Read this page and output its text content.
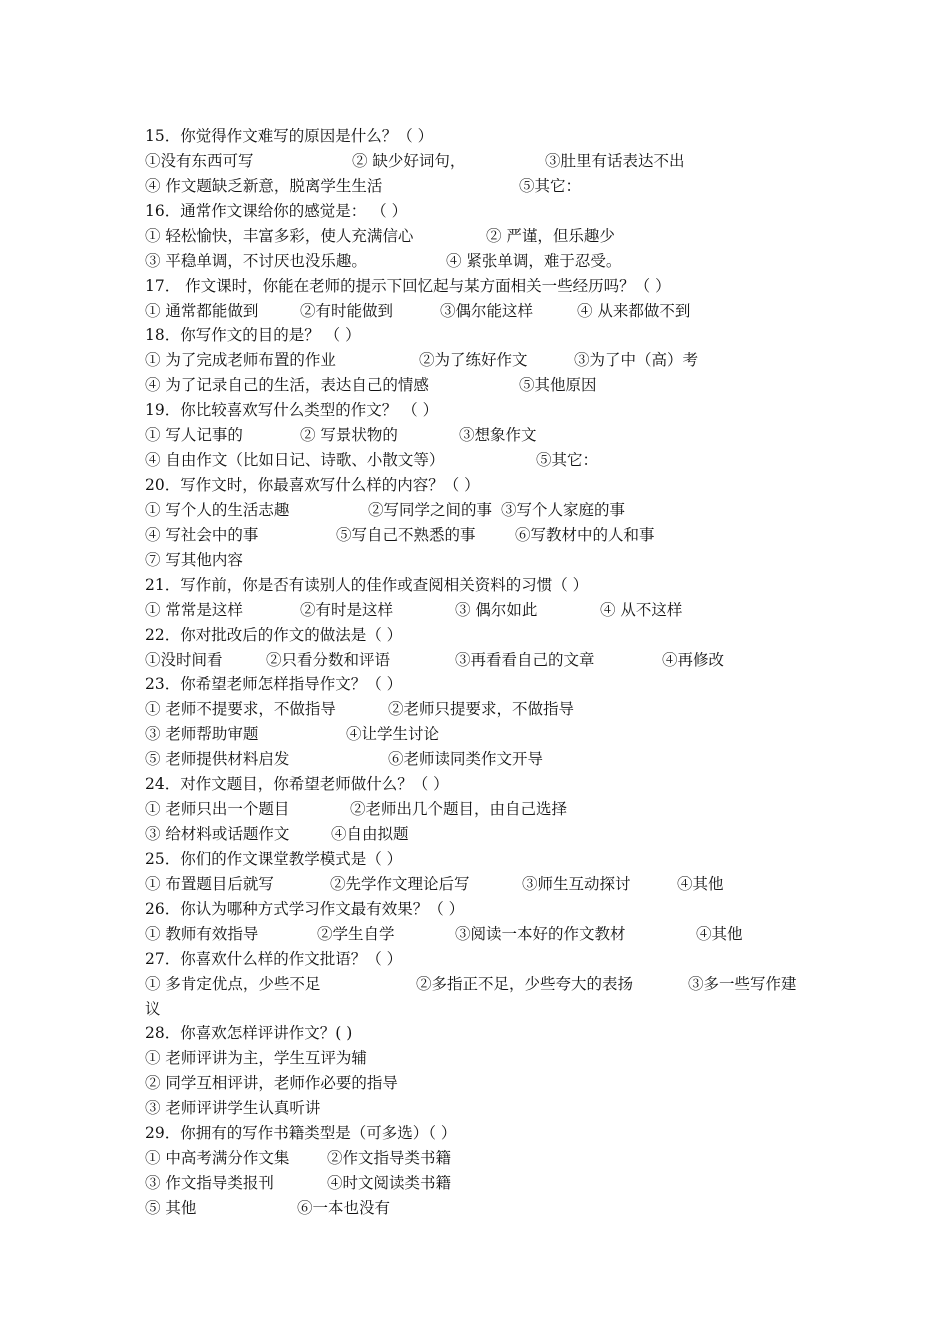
15．你觉得作文难写的原因是什么？（ ）
①没有东西可写	② 缺少好词句，	③肚里有话表达不出
④ 作文题缺乏新意，脱离学生生活	⑤其它：
16．通常作文课给你的感觉是： （ ）
① 轻松愉快，丰富多彩，使人充满信心	② 严谨，但乐趣少
③ 平稳单调，不讨厌也没乐趣。	④ 紧张单调，难于忍受。
17． 作文课时，你能在老师的提示下回忆起与某方面相关一些经历吗？（ ）
① 通常都能做到	②有时能做到	③偶尔能这样	④ 从来都做不到
18．你写作文的目的是？ （ ）
① 为了完成老师布置的作业	②为了练好作文	③为了中（高）考
④ 为了记录自己的生活，表达自己的情感	⑤其他原因
19．你比较喜欢写什么类型的作文？ （ ）
① 写人记事的	② 写景状物的	③想象作文
④ 自由作文（比如日记、诗歌、小散文等）	⑤其它：
20．写作文时，你最喜欢写什么样的内容？（ ）
① 写个人的生活志趣	②写同学之间的事 ③写个人家庭的事
④ 写社会中的事	⑤写自己不熟悉的事	⑥写教材中的人和事
⑦ 写其他内容
21．写作前，你是否有读别人的佳作或查阅相关资料的习惯（ ）
① 常常是这样	②有时是这样	③ 偶尔如此	④ 从不这样
22．你对批改后的作文的做法是（ ）
①没时间看	②只看分数和评语	③再看看自己的文章	④再修改
23．你希望老师怎样指导作文？（ ）
① 老师不提要求，不做指导	②老师只提要求，不做指导
③ 老师帮助审题	④让学生讨论
⑤ 老师提供材料启发	⑥老师读同类作文开导
24．对作文题目，你希望老师做什么？（ ）
① 老师只出一个题目	②老师出几个题目，由自己选择
③ 给材料或话题作文	④自由拟题
25．你们的作文课堂教学模式是（ ）
① 布置题目后就写	②先学作文理论后写	③师生互动探讨	④其他
26．你认为哪种方式学习作文最有效果？（ ）
① 教师有效指导	②学生自学	③阅读一本好的作文教材	④其他
27．你喜欢什么样的作文批语？（ ）
① 多肯定优点，少些不足	②多指正不足，少些夸大的表扬	③多一些写作建
议
28．你喜欢怎样评讲作文？( )
① 老师评讲为主，学生互评为辅
② 同学互相评讲，老师作必要的指导
③ 老师评讲学生认真听讲
29．你拥有的写作书籍类型是（可多选）（ ）
① 中高考满分作文集 ②作文指导类书籍
③ 作文指导类报刊	④时文阅读类书籍
⑤ 其他	⑥一本也没有
